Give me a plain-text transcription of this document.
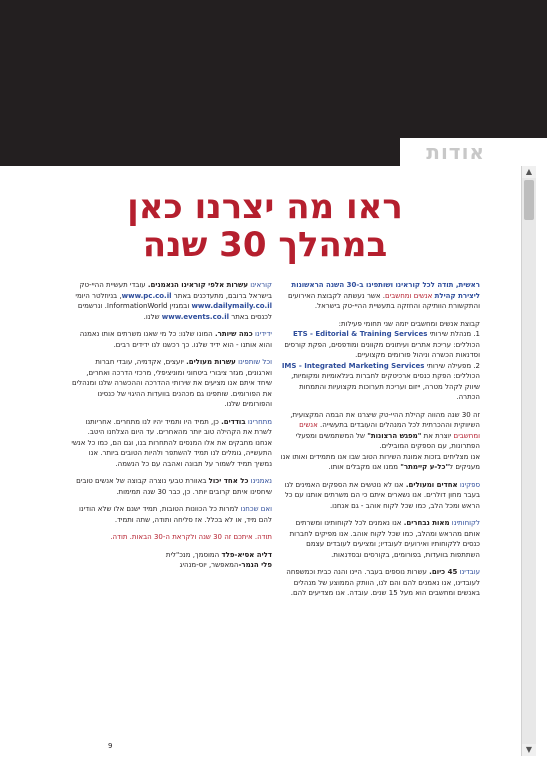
אודות
▲
▼
ראו מה יצרנו כאן
במהלך 30 שנה

ראשית, תודה לכל קוראינו ושותפינו ב-30 השנה הראשונות ליצירת קהילת אנשים ומחשבים. אשר נעשתה לקבוצת האירועים והתקשורת הוותיקה והחזקה בתעשיית ההיי-טק בישראל.

קבוצת אנשים ומחשבים יזמה שני תחומי פעילות:
1. מנהלת שירותי ETS - Editorial & Training Services הכוללים: עריכת אתרים ועיתונים מקוונים ומודפסים, הפקת קורסים וסדנאות הכשרה וניהול פורומים מקצועיים.
2. מפעילה שירותי IMS - Integrated Marketing Services הכוללים: הפקת כנסים ארכיטקים לחברות בינלאומיות ומקומיות, שיווק לקהל מטרה, ייזום ועריכת תערוכות מקצועיות והתמחות הכתרה.

זה 30 שנה מהווה קהילת ההיי-טק שיצרנו את הבמה המקצועית, השיווקית וההכרתית לכל המנהלים והעובדים בתעשייה. אנשים ומחשבים יוצרת את "מפגש הרצונות" של המשתמשים ומפעלי הפתרונות, עם הספקים המובילים.
אנו מצליחים בזכות אמונת השירות הטוב שבו אנו מתמידים ואותו אנו מעניקים ל"כל-ע קיימתר" ממנו אנו מקבלים אותו.

ספקינו אחדים ומעולים. אנו לא נוטשים את הספקים האמינים לנו בעבר מחון דולרים. אנו נשארים איתם כי הם משרתים אותנו עם כל הראש ומכל הלב, כמו שכל לקוח אוהב - גם אנחנו.

לקוחותינו מאות נבחרים. אנו נאמנים לכל לקוחותינו ומשרתים אותם מהראש ומהלב, כמו שכל לקוח אוהב. אנו מפיקים לחברות כנסים ללקוחותיו ואירועים לעובדיו; ומציעים לעובדים עצמם השתתפות בוועדות, בפורומים, בקורסים ובסדנאות.

עובדינו 45 כיום. עשרות נוספים בעבר. היינו והנה כבית וכמשפחה לעובדינו, אנו נאמנים להם והם לנו, הוותק הממוצע של מנהלים באנשים ומחשבים הוא מעל 15 שנים. עובדה. אנו מצדיעים להם.

קוראינו עשרות אלפי קוראינו הנאמנים. עובדי תעשיית ההיי-טק בישראל ברובם, מתעדכנים באתר www.pc.co.il, בניוזלטר היומי www.dailymaily.co.il ובמגזין InformationWorld. ונרשמים לכנסים באתר www.events.co.il שלנו.

ידידינו כמה שיותר. המונו שלנו: כל מי שאנו משרתים אותו נאמנה והוא אותנו - הוא ידיד שלנו. כך רכשנו לנו ידידים רבים.

וכל שותפינו עשרות מעולים. יועצים, אקדמיה, עובדי חברות וארגונים, מגזר ציבורי ביטחוני ומוניציפלי, מרכזי הדרכה ואחרים, שיחד איתם אנו מציעים את שירותי ההדרכה וההכשרה שלנו ומנהלים את הפורומים. שותפינו גם מכהנים בוועדות ההיגוי של כנסינו והפורומים שלנו.

מתחרינו בודדים. כן, תמיד היו ותמיד יהיו לנו מתחרים. אחריותנו לשרת את הקהילה טוב יותר מהאחרים. עד היום הצלחנו היטב. אנחנו מחבקים את אלו המנסים להתחרות בנו, וגם הם, כמו כל אנשי התעשייה, גומלים לנו תמיד להשתפר ולהיות הטובים ביותר. אנו נמשיך תמיד לשמור על תבונה ואהבה עם כל הנשמה.

נאמנינו כל אחד יכול באוורת טבעי נוצרה קבוצה של אנשים טובים שיחסינו איתם קרובים יותר. כן, כבר 30 שנה תמימות.

ואם שכחנו למרות כל הכוונות הטובות, תמיד ישנם אלו שלא הודינו להם מיד, או לא בכלל. אז סליחה ותודה, שתה ותמיד.

תודה. איתכם זה 30 שנה ולקראת ה-30 הבאות. תודה.

דליה אסיא-פלד המוסמך, מנכ"לית
פלי הנמר-המאפשר, יוס-מנהיג

9
